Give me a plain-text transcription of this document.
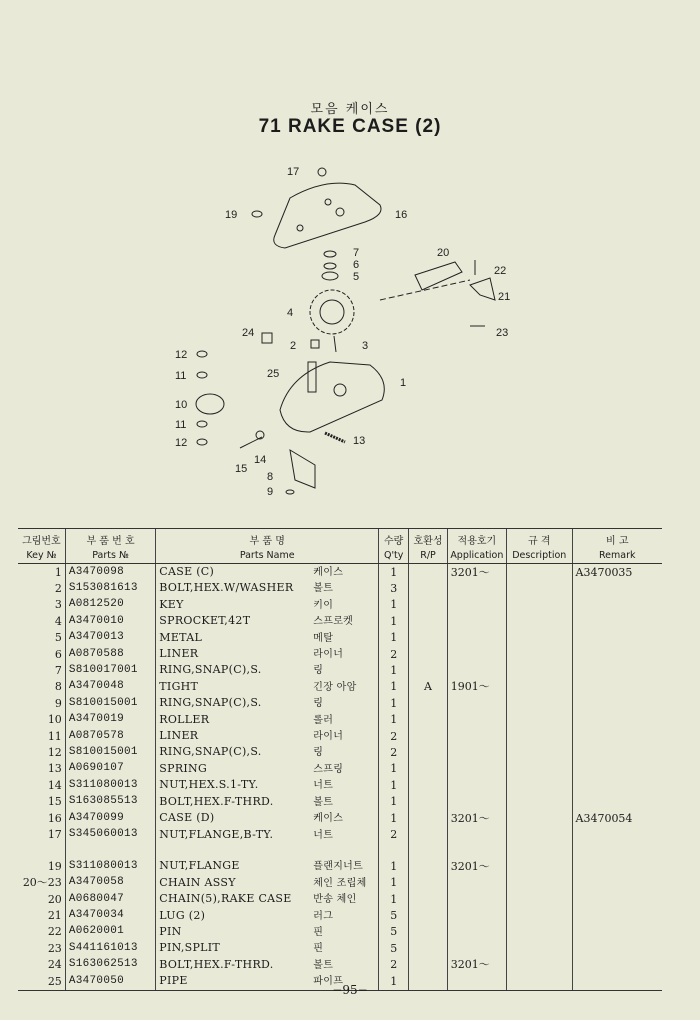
모음 케이스
71 RAKE CASE (2)
17
19	16
20
7
6
5	22
4
21
23
24
2	3
12
11	25
1
10
11
12	13
14
15
8
9
그림번호	부 품 번 호	부 품 명	수량	호환성	적용호기	규 격	비 고
Key №	Parts №	Parts Name	Q'ty	R/P	Application	Description	Remark
1	A3470098	CASE (C) 케이스	1		3201～		A3470035
2	S153081613	BOLT,HEX.W/WASHER 볼트	3				
3	A0812520	KEY 키이	1				
4	A3470010	SPROCKET,42T 스프로켓	1				
5	A3470013	METAL 메탈	1				
6	A0870588	LINER 라이너	2				
7	S810017001	RING,SNAP(C),S. 링	1				
8	A3470048	TIGHT 긴장 아암	1	A	1901～		
9	S810015001	RING,SNAP(C),S. 링	1				
10	A3470019	ROLLER 롤러	1				
11	A0870578	LINER 라이너	2				
12	S810015001	RING,SNAP(C),S. 링	2				
13	A0690107	SPRING 스프링	1				
14	S311080013	NUT,HEX.S.1-TY. 너트	1				
15	S163085513	BOLT,HEX.F-THRD. 볼트	1				
16	A3470099	CASE (D) 케이스	1		3201～		A3470054
17	S345060013	NUT,FLANGE,B-TY. 너트	2				

19	S311080013	NUT,FLANGE 플랜지너트	1		3201～		
20～23	A3470058	CHAIN ASSY 체인 조립체	1				
20	A0680047	CHAIN(5),RAKE CASE 반송 체인	1				
21	A3470034	LUG (2) 러그	5				
22	A0620001	PIN 핀	5				
23	S441161013	PIN,SPLIT 핀	5				
24	S163062513	BOLT,HEX.F-THRD. 볼트	2		3201～		
25	A3470050	PIPE 파이프	1				
−95−
